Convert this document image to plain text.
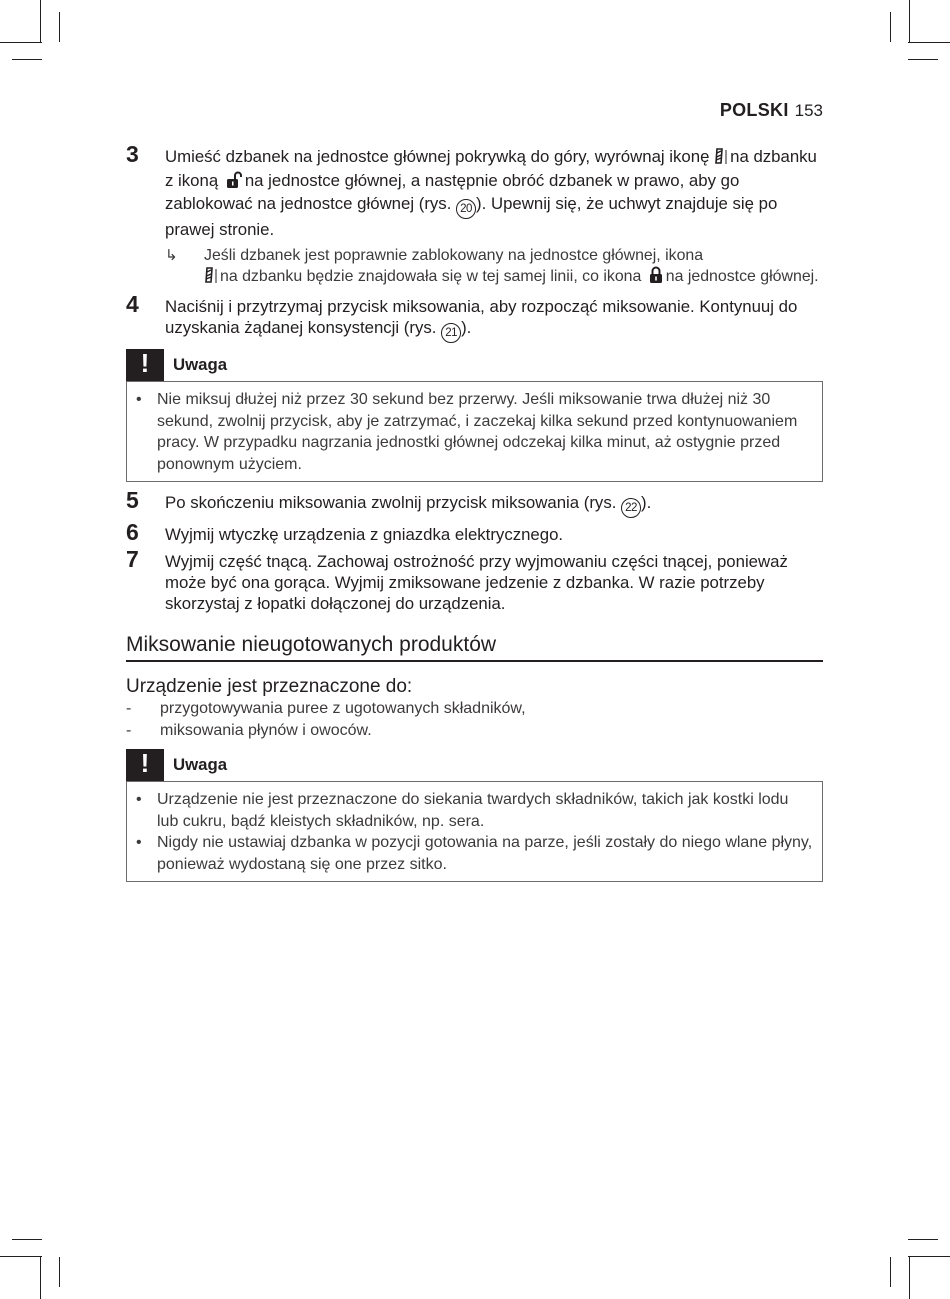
POLSKI 153
3 Umieść dzbanek na jednostce głównej pokrywką do góry, wyrównaj ikonę na dzbanku z ikoną na jednostce głównej, a następnie obróć dzbanek w prawo, aby go zablokować na jednostce głównej (rys. 20 ). Upewnij się, że uchwyt znajduje się po prawej stronie.
↳ Jeśli dzbanek jest poprawnie zablokowany na jednostce głównej, ikona
na dzbanku będzie znajdowała się w tej samej linii, co ikona na jednostce głównej.
4 Naciśnij i przytrzymaj przycisk miksowania, aby rozpocząć miksowanie. Kontynuuj do uzyskania żądanej konsystencji (rys. 21 ).
!	Uwaga
• Nie miksuj dłużej niż przez 30 sekund bez przerwy. Jeśli miksowanie trwa dłużej niż 30 sekund, zwolnij przycisk, aby je zatrzymać, i zaczekaj kilka sekund przed kontynuowaniem pracy. W przypadku nagrzania jednostki głównej odczekaj kilka minut, aż ostygnie przed ponownym użyciem.
5 Po skończeniu miksowania zwolnij przycisk miksowania (rys. 22 ).
6 Wyjmij wtyczkę urządzenia z gniazdka elektrycznego.
7 Wyjmij część tnącą. Zachowaj ostrożność przy wyjmowaniu części tnącej, ponieważ może być ona gorąca. Wyjmij zmiksowane jedzenie z dzbanka. W razie potrzeby skorzystaj z łopatki dołączonej do urządzenia.
Miksowanie nieugotowanych produktów
Urządzenie jest przeznaczone do:
- przygotowywania puree z ugotowanych składników,
- miksowania płynów i owoców.
!	Uwaga
• Urządzenie nie jest przeznaczone do siekania twardych składników, takich jak kostki lodu lub cukru, bądź kleistych składników, np. sera.
• Nigdy nie ustawiaj dzbanka w pozycji gotowania na parze, jeśli zostały do niego wlane płyny, ponieważ wydostaną się one przez sitko.
